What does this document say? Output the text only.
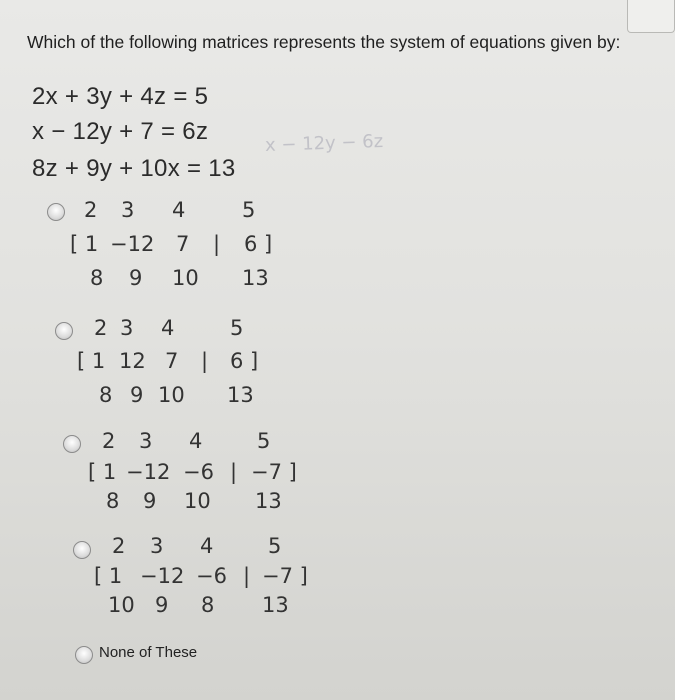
Which of the following matrices represents the system of equations given by:
2x + 3y + 4z = 5
x − 12y + 7 = 6z
8z + 9y + 10x = 13
x − 12y − 6z
2 3 4	5
[ 1 −12 7 | 6 ]
8 9 10 13
2 3 4	5
[ 1 12 7 | 6 ]
8 9 10 13
2 3 4	5
[ 1 −12 −6 | −7 ]
8 9 10 13
2 3 4	5
[ 1 −12 −6 | −7 ]
10 9 8 13
None of These
